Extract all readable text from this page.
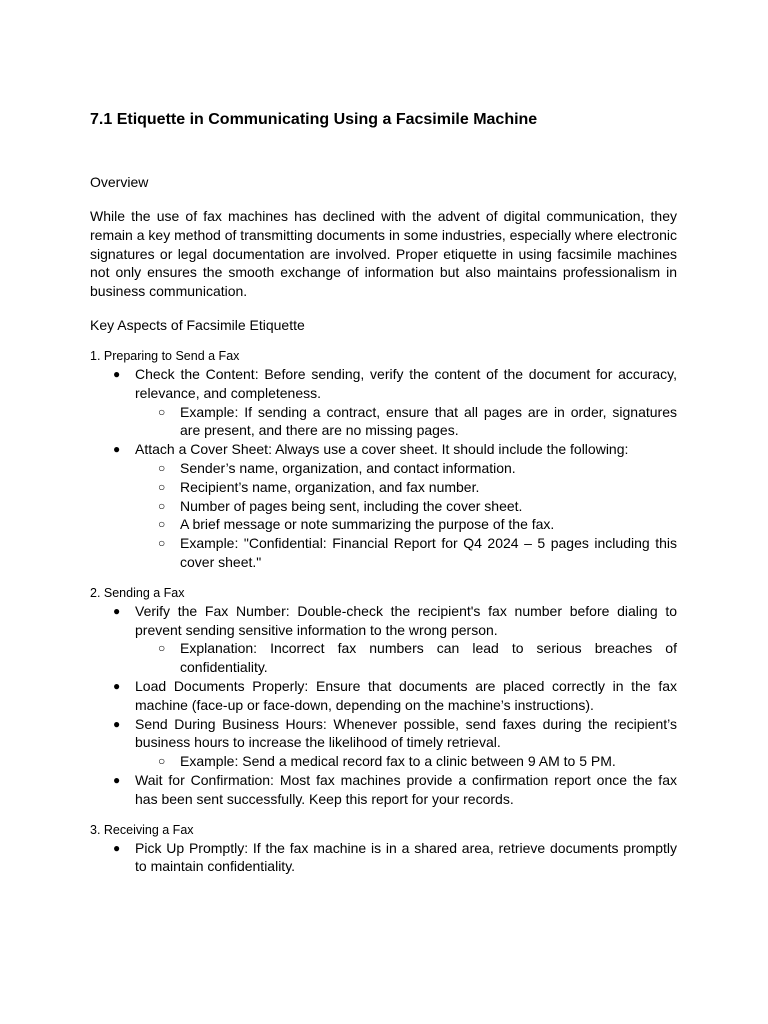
7.1 Etiquette in Communicating Using a Facsimile Machine

Overview

While the use of fax machines has declined with the advent of digital communication, they remain a key method of transmitting documents in some industries, especially where electronic signatures or legal documentation are involved. Proper etiquette in using facsimile machines not only ensures the smooth exchange of information but also maintains professionalism in business communication.

Key Aspects of Facsimile Etiquette

1. Preparing to Send a Fax

● Check the Content: Before sending, verify the content of the document for accuracy, relevance, and completeness.
○ Example: If sending a contract, ensure that all pages are in order, signatures are present, and there are no missing pages.
● Attach a Cover Sheet: Always use a cover sheet. It should include the following:
○ Sender’s name, organization, and contact information.
○ Recipient’s name, organization, and fax number.
○ Number of pages being sent, including the cover sheet.
○ A brief message or note summarizing the purpose of the fax.
○ Example: "Confidential: Financial Report for Q4 2024 – 5 pages including this cover sheet."

2. Sending a Fax

● Verify the Fax Number: Double-check the recipient's fax number before dialing to prevent sending sensitive information to the wrong person.
○ Explanation: Incorrect fax numbers can lead to serious breaches of confidentiality.
● Load Documents Properly: Ensure that documents are placed correctly in the fax machine (face-up or face-down, depending on the machine’s instructions).
● Send During Business Hours: Whenever possible, send faxes during the recipient’s business hours to increase the likelihood of timely retrieval.
○ Example: Send a medical record fax to a clinic between 9 AM to 5 PM.
● Wait for Confirmation: Most fax machines provide a confirmation report once the fax has been sent successfully. Keep this report for your records.

3. Receiving a Fax

● Pick Up Promptly: If the fax machine is in a shared area, retrieve documents promptly to maintain confidentiality.
